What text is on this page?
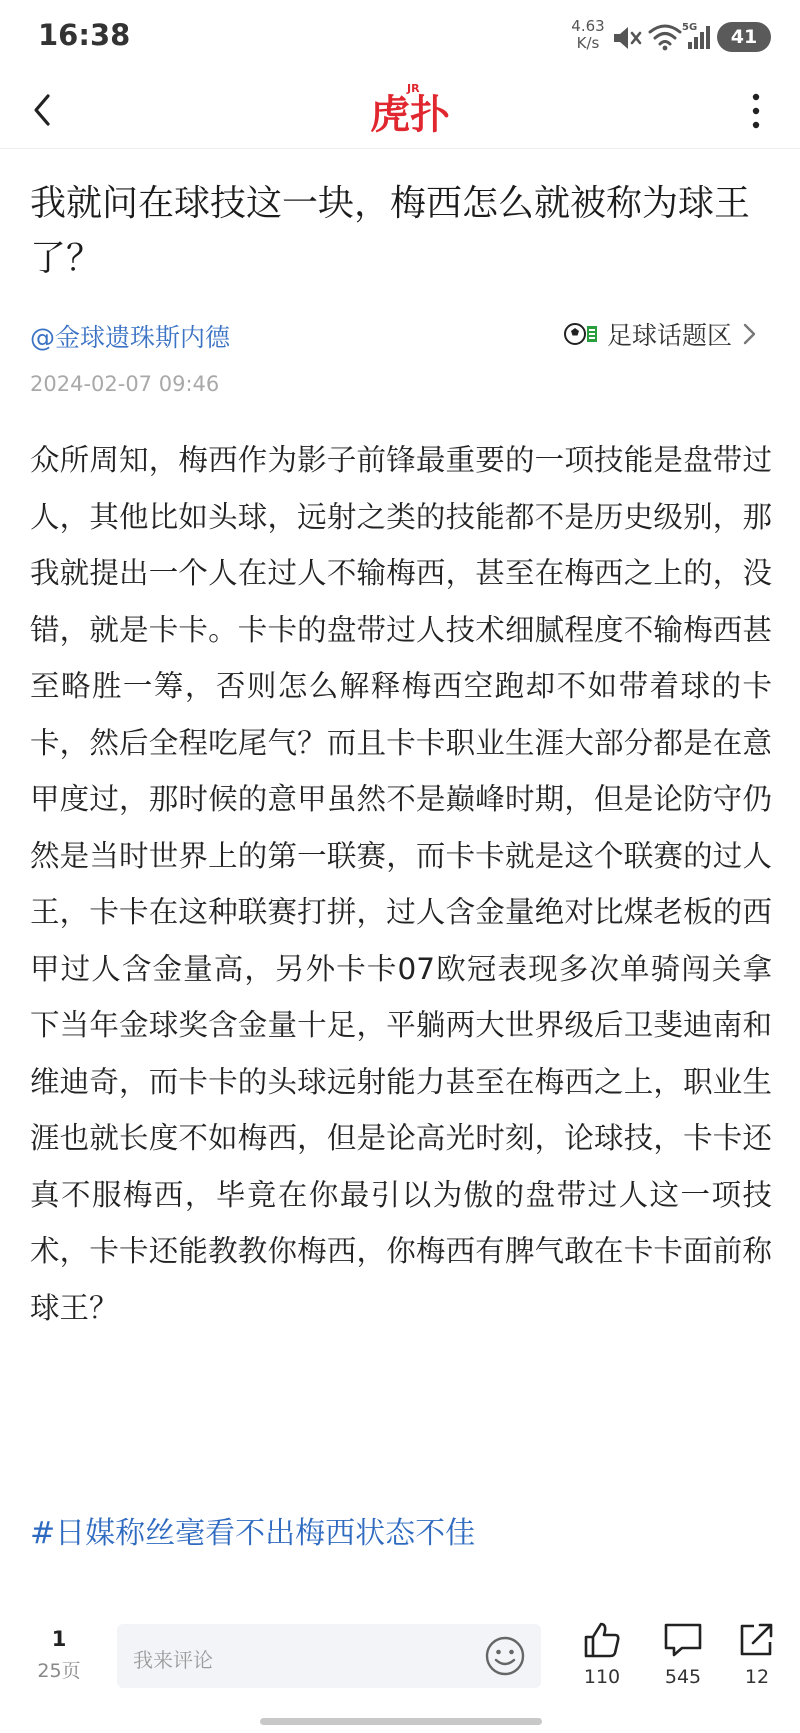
16:38	4.63
K/s
5G	41
虎扑
JR
我就问在球技这一块，梅西怎么就被称为球王了？
@金球遗珠斯内德	足球话题区
2024-02-07 09:46

众所周知，梅西作为影子前锋最重要的一项技能是盘带过人，其他比如头球，远射之类的技能都不是历史级别，那我就提出一个人在过人不输梅西，甚至在梅西之上的，没错，就是卡卡。卡卡的盘带过人技术细腻程度不输梅西甚至略胜一筹，否则怎么解释梅西空跑却不如带着球的卡卡，然后全程吃尾气？而且卡卡职业生涯大部分都是在意甲度过，那时候的意甲虽然不是巅峰时期，但是论防守仍然是当时世界上的第一联赛，而卡卡就是这个联赛的过人王，卡卡在这种联赛打拼，过人含金量绝对比煤老板的西甲过人含金量高，另外卡卡07欧冠表现多次单骑闯关拿下当年金球奖含金量十足，平躺两大世界级后卫斐迪南和维迪奇，而卡卡的头球远射能力甚至在梅西之上，职业生涯也就长度不如梅西，但是论高光时刻，论球技，卡卡还真不服梅西，毕竟在你最引以为傲的盘带过人这一项技术，卡卡还能教教你梅西，你梅西有脾气敢在卡卡面前称球王？

#日媒称丝毫看不出梅西状态不佳
1
25页	我来评论
110	545	12
